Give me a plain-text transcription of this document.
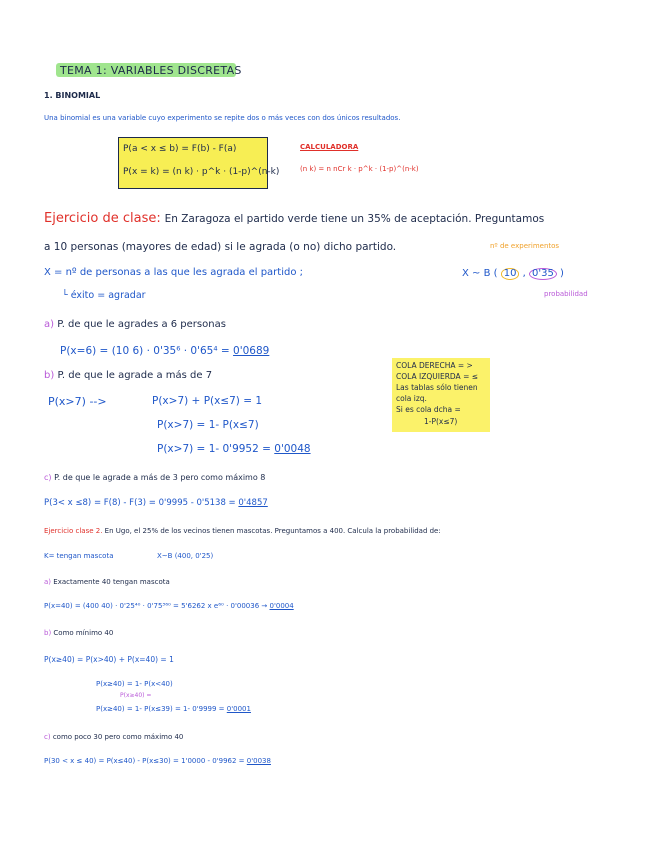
TEMA 1: VARIABLES DISCRETAS
1. BINOMIAL
Una binomial es una variable cuyo experimento se repite dos o más veces con dos únicos resultados.
P(a < x ≤ b) = F(b) - F(a)
P(x = k) = (n k) · p^k · (1-p)^(n-k)
CALCULADORA
(n k) = n nCr k · p^k · (1-p)^(n-k)
Ejercicio de clase: En Zaragoza el partido verde tiene un 35% de aceptación. Preguntamos
a 10 personas (mayores de edad) si le agrada (o no) dicho partido.	nº de experimentos
X = nº de personas a las que les agrada el partido ;	X ~ B ( 10 , 0'35 )
└ éxito = agradar	probabilidad
a) P. de que le agrades a 6 personas
P(x=6) = (10 6) · 0'35⁶ · 0'65⁴ = 0'0689
b) P. de que le agrade a más de 7
P(x>7) -->	P(x>7) + P(x≤7) = 1
P(x>7) = 1- P(x≤7)
P(x>7) = 1- 0'9952 = 0'0048
COLA DERECHA = >
COLA IZQUIERDA = ≤
Las tablas sólo tienen
cola izq.
Si es cola dcha =
1-P(x≤7)
c) P. de que le agrade a más de 3 pero como máximo 8
P(3< x ≤8) = F(8) - F(3) = 0'9995 - 0'5138 = 0'4857
Ejercicio clase 2. En Ugo, el 25% de los vecinos tienen mascotas. Preguntamos a 400. Calcula la probabilidad de:
K= tengan mascota	X~B (400, 0'25)
a) Exactamente 40 tengan mascota
P(x=40) = (400 40) · 0'25⁴⁰ · 0'75³⁶⁰ = 5'6262 x e⁶⁰ · 0'00036 → 0'0004
b) Como mínimo 40
P(x≥40) = P(x>40) + P(x=40) = 1
P(x≥40) = 1- P(x<40)
P(x≥40) =
P(x≥40) = 1- P(x≤39) = 1- 0'9999 = 0'0001
c) como poco 30 pero como máximo 40
P(30 < x ≤ 40) = P(x≤40) - P(x≤30) = 1'0000 - 0'9962 = 0'0038
